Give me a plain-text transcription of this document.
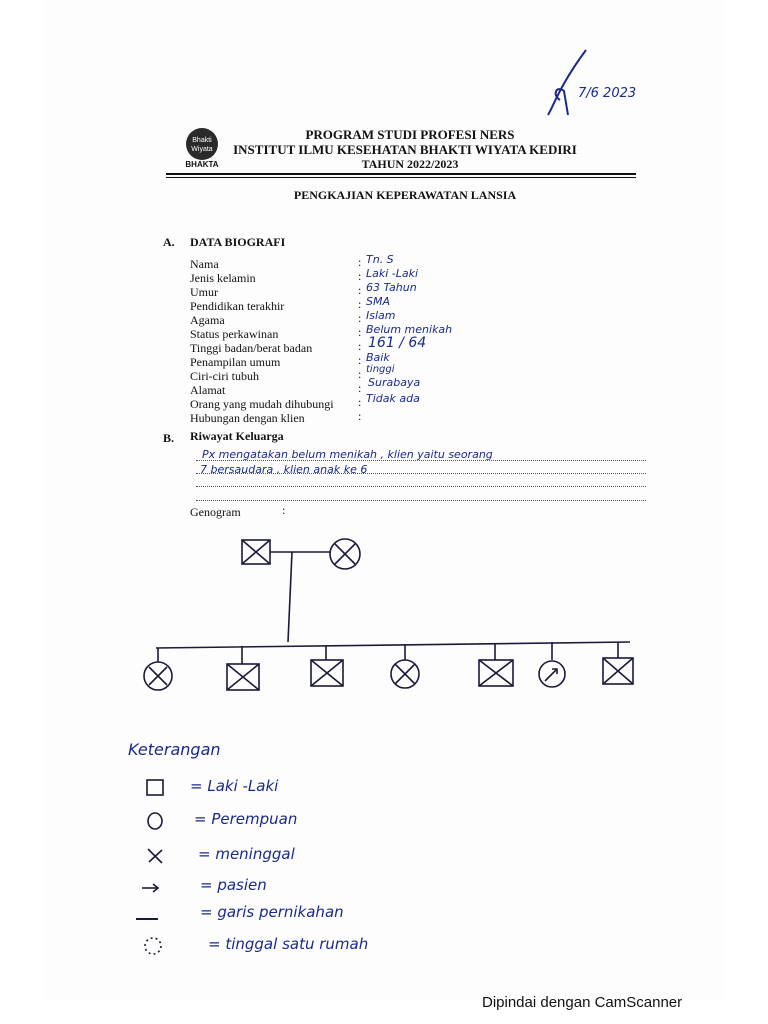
7/6 2023
Bhakti Wiyata
BHAKTA
PROGRAM STUDI PROFESI NERS
INSTITUT ILMU KESEHATAN BHAKTI WIYATA KEDIRI
TAHUN 2022/2023
PENGKAJIAN KEPERAWATAN LANSIA
A. DATA BIOGRAFI
Nama	: Tn. S
Jenis kelamin	: Laki -Laki
Umur	: 63 Tahun
Pendidikan terakhir	: SMA
Agama	: Islam
Status perkawinan	: Belum menikah
Tinggi badan/berat badan	: 161 / 64
Penampilan umum	: Baik
Ciri-ciri tubuh	: tinggi
Alamat	: Surabaya
Orang yang mudah dihubungi : Tidak ada
Hubungan dengan klien	:
B. Riwayat Keluarga
Px mengatakan belum menikah , klien yaitu seorang
7 bersaudara , klien anak ke 6
Genogram	:
Keterangan
= Laki -Laki
= Perempuan
= meninggal
= pasien
= garis pernikahan
= tinggal satu rumah
Dipindai dengan CamScanner
